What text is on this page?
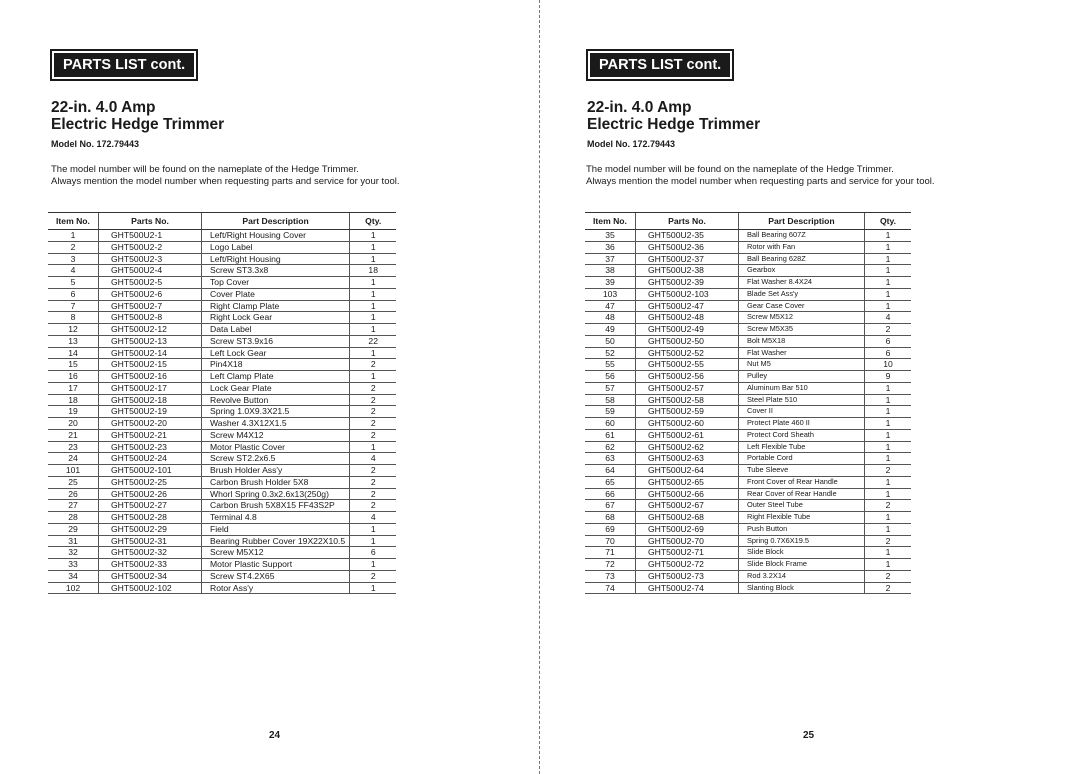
PARTS LIST cont.
22-in. 4.0 Amp
Electric Hedge Trimmer
Model No. 172.79443
The model number will be found on the nameplate of the Hedge Trimmer.
Always mention the model number when requesting parts and service for your tool.
Item No.	Parts No.	Part Description	Qty.
1	GHT500U2-1	Left/Right Housing Cover	1
2	GHT500U2-2	Logo Label	1
3	GHT500U2-3	Left/Right Housing	1
4	GHT500U2-4	Screw ST3.3x8	18
5	GHT500U2-5	Top Cover	1
6	GHT500U2-6	Cover Plate	1
7	GHT500U2-7	Right Clamp Plate	1
8	GHT500U2-8	Right Lock Gear	1
12	GHT500U2-12	Data Label	1
13	GHT500U2-13	Screw ST3.9x16	22
14	GHT500U2-14	Left Lock Gear	1
15	GHT500U2-15	Pin4X18	2
16	GHT500U2-16	Left Clamp Plate	1
17	GHT500U2-17	Lock Gear Plate	2
18	GHT500U2-18	Revolve Button	2
19	GHT500U2-19	Spring 1.0X9.3X21.5	2
20	GHT500U2-20	Washer 4.3X12X1.5	2
21	GHT500U2-21	Screw M4X12	2
23	GHT500U2-23	Motor Plastic Cover	1
24	GHT500U2-24	Screw ST2.2x6.5	4
101	GHT500U2-101	Brush Holder Ass'y	2
25	GHT500U2-25	Carbon Brush Holder 5X8	2
26	GHT500U2-26	Whorl Spring 0.3x2.6x13(250g)	2
27	GHT500U2-27	Carbon Brush 5X8X15 FF43S2P	2
28	GHT500U2-28	Terminal 4.8	4
29	GHT500U2-29	Field	1
31	GHT500U2-31	Bearing Rubber Cover 19X22X10.5	1
32	GHT500U2-32	Screw M5X12	6
33	GHT500U2-33	Motor Plastic Support	1
34	GHT500U2-34	Screw ST4.2X65	2
102	GHT500U2-102	Rotor Ass'y	1
24
PARTS LIST cont.
22-in. 4.0 Amp
Electric Hedge Trimmer
Model No. 172.79443
The model number will be found on the nameplate of the Hedge Trimmer.
Always mention the model number when requesting parts and service for your tool.
Item No.	Parts No.	Part Description	Qty.
35	GHT500U2-35	Ball Bearing 607Z	1
36	GHT500U2-36	Rotor with Fan	1
37	GHT500U2-37	Ball Bearing 628Z	1
38	GHT500U2-38	Gearbox	1
39	GHT500U2-39	Flat Washer 8.4X24	1
103	GHT500U2-103	Blade Set Ass'y	1
47	GHT500U2-47	Gear Case Cover	1
48	GHT500U2-48	Screw M5X12	4
49	GHT500U2-49	Screw M5X35	2
50	GHT500U2-50	Bolt M5X18	6
52	GHT500U2-52	Flat Washer	6
55	GHT500U2-55	Nut M5	10
56	GHT500U2-56	Pulley	9
57	GHT500U2-57	Aluminum Bar 510	1
58	GHT500U2-58	Steel Plate 510	1
59	GHT500U2-59	Cover II	1
60	GHT500U2-60	Protect Plate 460 II	1
61	GHT500U2-61	Protect Cord Sheath	1
62	GHT500U2-62	Left Flexible Tube	1
63	GHT500U2-63	Portable Cord	1
64	GHT500U2-64	Tube Sleeve	2
65	GHT500U2-65	Front Cover of Rear Handle	1
66	GHT500U2-66	Rear Cover of Rear Handle	1
67	GHT500U2-67	Outer Steel Tube	2
68	GHT500U2-68	Right Flexible Tube	1
69	GHT500U2-69	Push Button	1
70	GHT500U2-70	Spring 0.7X6X19.5	2
71	GHT500U2-71	Slide Block	1
72	GHT500U2-72	Slide Block Frame	1
73	GHT500U2-73	Rod 3.2X14	2
74	GHT500U2-74	Slanting Block	2
25
